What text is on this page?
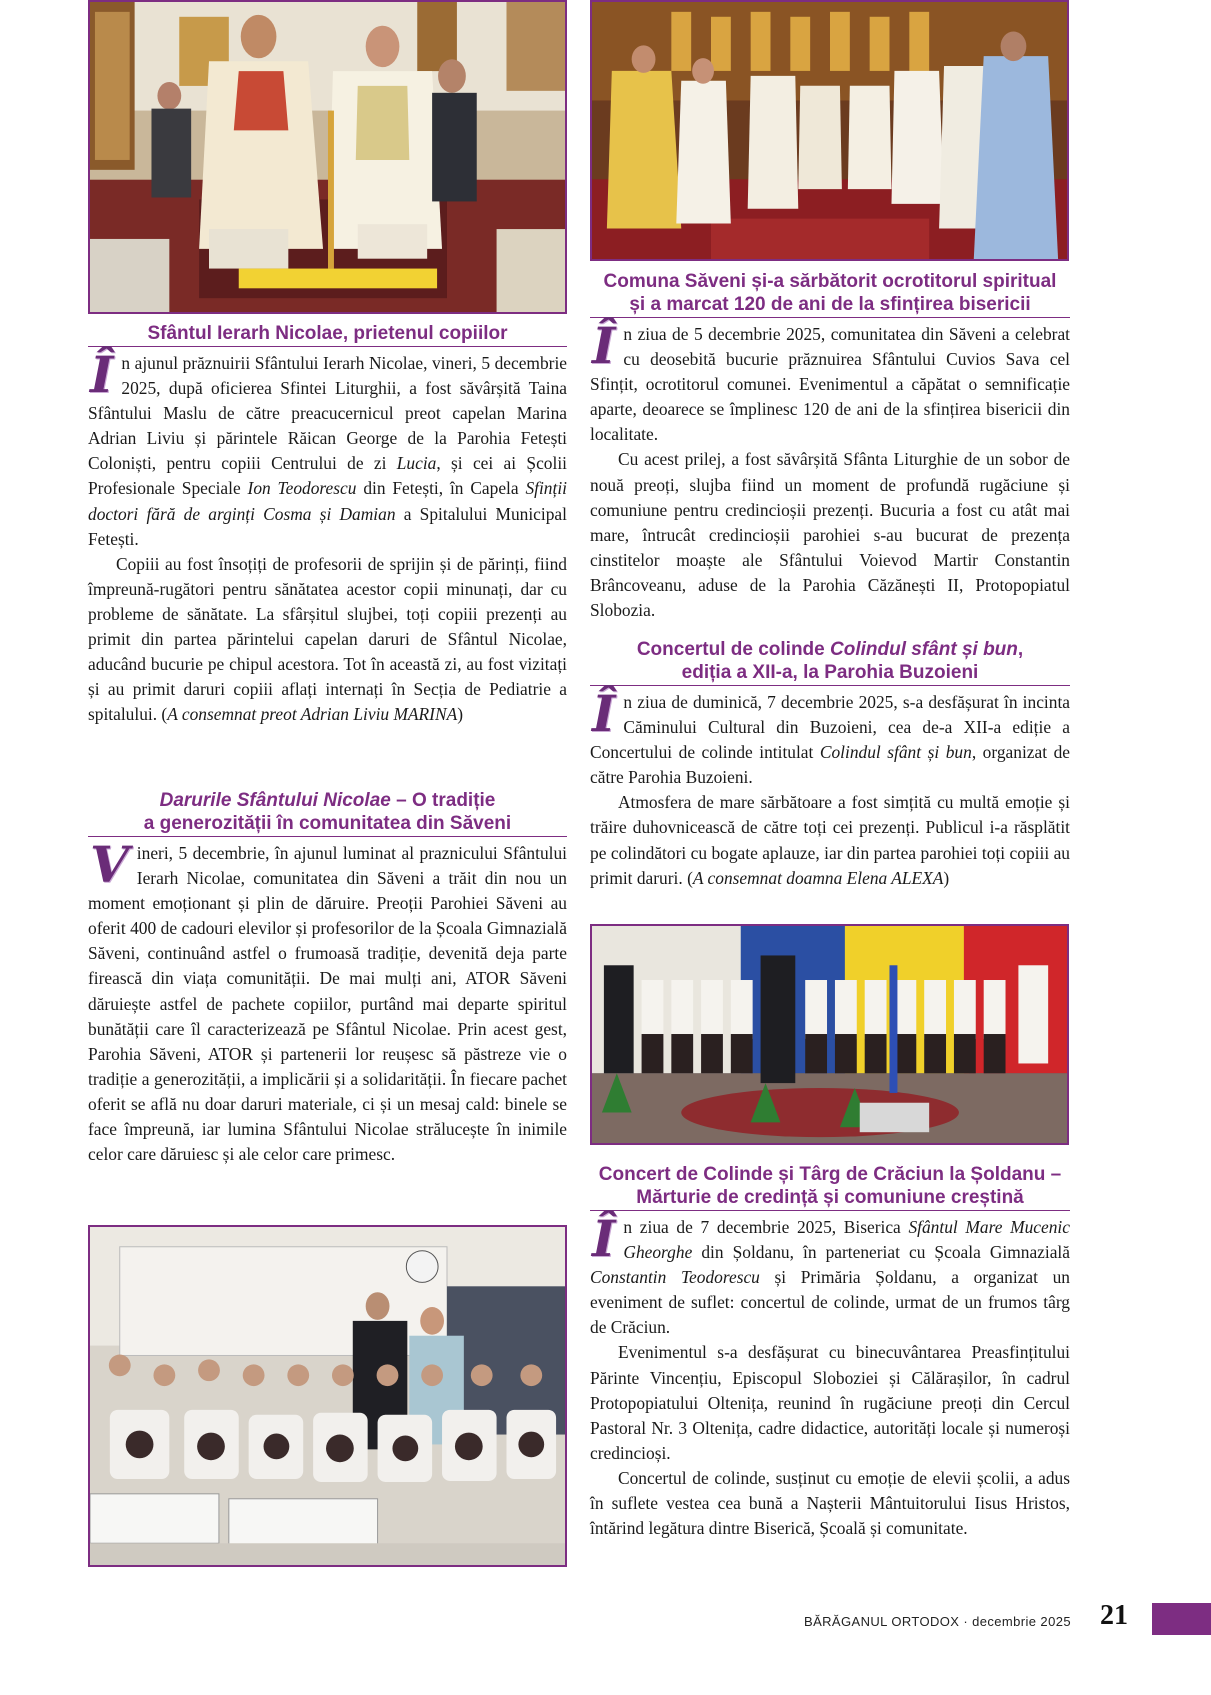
Sfântul Ierarh Nicolae, prietenul copiilor

În ajunul prăznuirii Sfântului Ierarh Nicolae, vineri, 5 decembrie 2025, după oficierea Sfintei Liturghii, a fost săvârșită Taina Sfântului Maslu de către preacucernicul preot capelan Marina Adrian Liviu și părintele Răican George de la Parohia Fetești Coloniști, pentru copiii Centrului de zi Lucia, și cei ai Școlii Profesionale Speciale Ion Teodorescu din Fetești, în Capela Sfinții doctori fără de arginți Cosma și Damian a Spitalului Municipal Fetești.

Copiii au fost însoțiți de profesorii de sprijin și de părinți, fiind împreună-rugători pentru sănătatea acestor copii minunați, dar cu probleme de sănătate. La sfârșitul slujbei, toți copiii prezenți au primit din partea părintelui capelan daruri de Sfântul Nicolae, aducând bucurie pe chipul acestora. Tot în această zi, au fost vizitați și au primit daruri copiii aflați internați în Secția de Pediatrie a spitalului. (A consemnat preot Adrian Liviu MARINA)

Darurile Sfântului Nicolae – O tradiție
a generozității în comunitatea din Săveni

Vineri, 5 decembrie, în ajunul luminat al praznicului Sfântului Ierarh Nicolae, comunitatea din Săveni a trăit din nou un moment emoționant și plin de dăruire. Preoții Parohiei Săveni au oferit 400 de cadouri elevilor și profesorilor de la Școala Gimnazială Săveni, continuând astfel o frumoasă tradiție, devenită deja parte firească din viața comunității. De mai mulți ani, ATOR Săveni dăruiește astfel de pachete copiilor, purtând mai departe spiritul bunătății care îl caracterizează pe Sfântul Nicolae. Prin acest gest, Parohia Săveni, ATOR și partenerii lor reușesc să păstreze vie o tradiție a generozității, a implicării și a solidarității. În fiecare pachet oferit se află nu doar daruri materiale, ci și un mesaj cald: binele se face împreună, iar lumina Sfântului Nicolae strălucește în inimile celor care dăruiesc și ale celor care primesc.

Comuna Săveni și-a sărbătorit ocrotitorul spiritual
și a marcat 120 de ani de la sfințirea bisericii

În ziua de 5 decembrie 2025, comunitatea din Săveni a celebrat cu deosebită bucurie prăznuirea Sfântului Cuvios Sava cel Sfințit, ocrotitorul comunei. Evenimentul a căpătat o semnificație aparte, deoarece se împlinesc 120 de ani de la sfințirea bisericii din localitate.

Cu acest prilej, a fost săvârșită Sfânta Liturghie de un sobor de nouă preoți, slujba fiind un moment de profundă rugăciune și comuniune pentru credincioșii prezenți. Bucuria a fost cu atât mai mare, întrucât credincioșii parohiei s-au bucurat de prezența cinstitelor moaște ale Sfântului Voievod Martir Constantin Brâncoveanu, aduse de la Parohia Căzănești II, Protopopiatul Slobozia.

Concertul de colinde Colindul sfânt și bun,
ediția a XII-a, la Parohia Buzoieni

În ziua de duminică, 7 decembrie 2025, s-a desfășurat în incinta Căminului Cultural din Buzoieni, cea de-a XII-a ediție a Concertului de colinde intitulat Colindul sfânt și bun, organizat de către Parohia Buzoieni.

Atmosfera de mare sărbătoare a fost simțită cu multă emoție și trăire duhovnicească de către toți cei prezenți. Publicul i-a răsplătit pe colindători cu bogate aplauze, iar din partea parohiei toți copiii au primit daruri. (A consemnat doamna Elena ALEXA)

Concert de Colinde și Târg de Crăciun la Șoldanu –
Mărturie de credință și comuniune creștină

În ziua de 7 decembrie 2025, Biserica Sfântul Mare Mucenic Gheorghe din Șoldanu, în parteneriat cu Școala Gimnazială Constantin Teodorescu și Primăria Șoldanu, a organizat un eveniment de suflet: concertul de colinde, urmat de un frumos târg de Crăciun.

Evenimentul s-a desfășurat cu binecuvântarea Preasfințitului Părinte Vincențiu, Episcopul Sloboziei și Călărașilor, în cadrul Protopopiatului Oltenița, reunind în rugăciune preoți din Cercul Pastoral Nr. 3 Oltenița, cadre didactice, autorități locale și numeroși credincioși.

Concertul de colinde, susținut cu emoție de elevii școlii, a adus în suflete vestea cea bună a Nașterii Mântuitorului Iisus Hristos, întărind legătura dintre Biserică, Școală și comunitate.

BĂRĂGANUL ORTODOX · decembrie 2025 21
